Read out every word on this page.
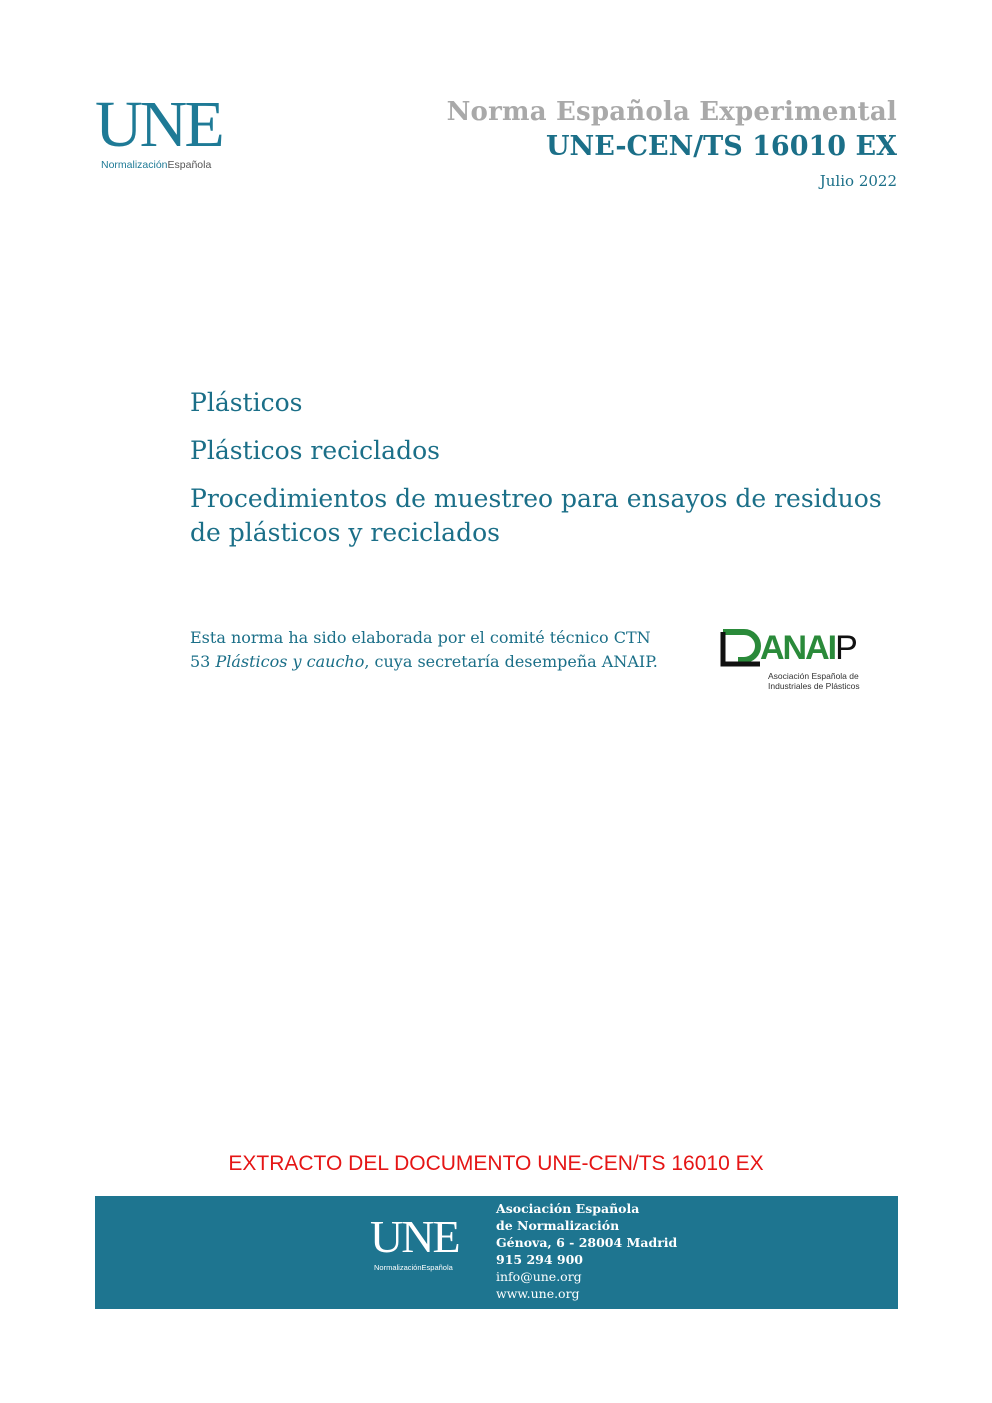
UNE
NormalizaciónEspañola
Norma Española Experimental
UNE-CEN/TS 16010 EX
Julio 2022
Plásticos
Plásticos reciclados
Procedimientos de muestreo para ensayos de residuos de plásticos y reciclados
Esta norma ha sido elaborada por el comité técnico CTN 53 Plásticos y caucho, cuya secretaría desempeña ANAIP.	ANAIP
Asociación Española de
Industriales de Plásticos
EXTRACTO DEL DOCUMENTO UNE-CEN/TS 16010 EX
UNE
NormalizaciónEspañola
Asociación Española
de Normalización
Génova, 6 - 28004 Madrid
915 294 900
info@une.org
www.une.org
